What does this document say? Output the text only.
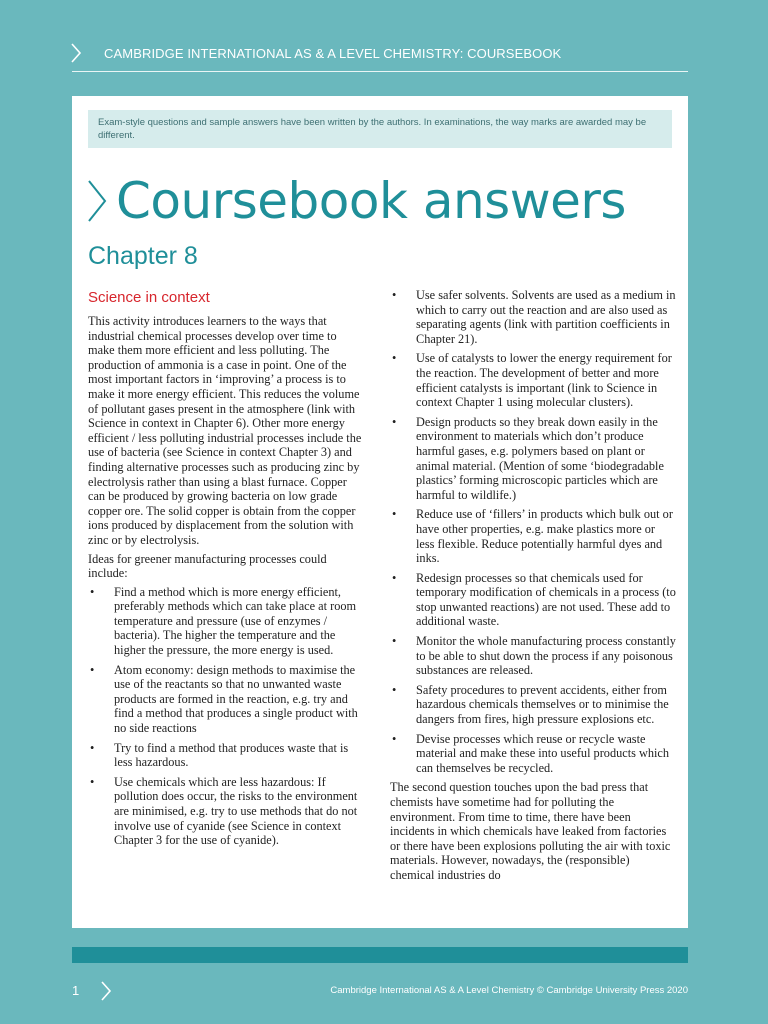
CAMBRIDGE INTERNATIONAL AS & A LEVEL CHEMISTRY: COURSEBOOK
Exam-style questions and sample answers have been written by the authors. In examinations, the way marks are awarded may be different.
Coursebook answers
Chapter 8
Science in context

This activity introduces learners to the ways that industrial chemical processes develop over time to make them more efficient and less polluting. The production of ammonia is a case in point. One of the most important factors in ‘improving’ a process is to make it more energy efficient. This reduces the volume of pollutant gases present in the atmosphere (link with Science in context in Chapter 6). Other more energy efficient / less polluting industrial processes include the use of bacteria (see Science in context Chapter 3) and finding alternative processes such as producing zinc by electrolysis rather than using a blast furnace. Copper can be produced by growing bacteria on low grade copper ore. The solid copper is obtain from the copper ions produced by displacement from the solution with zinc or by electrolysis.

Ideas for greener manufacturing processes could include:

• Find a method which is more energy efficient, preferably methods which can take place at room temperature and pressure (use of enzymes / bacteria). The higher the temperature and the higher the pressure, the more energy is used.
• Atom economy: design methods to maximise the use of the reactants so that no unwanted waste products are formed in the reaction, e.g. try and find a method that produces a single product with no side reactions
• Try to find a method that produces waste that is less hazardous.
• Use chemicals which are less hazardous: If pollution does occur, the risks to the environment are minimised, e.g. try to use methods that do not involve use of cyanide (see Science in context Chapter 3 for the use of cyanide).
• Use safer solvents. Solvents are used as a medium in which to carry out the reaction and are also used as separating agents (link with partition coefficients in Chapter 21).
• Use of catalysts to lower the energy requirement for the reaction. The development of better and more efficient catalysts is important (link to Science in context Chapter 1 using molecular clusters).
• Design products so they break down easily in the environment to materials which don’t produce harmful gases, e.g. polymers based on plant or animal material. (Mention of some ‘biodegradable plastics’ forming microscopic particles which are harmful to wildlife.)
• Reduce use of ‘fillers’ in products which bulk out or have other properties, e.g. make plastics more or less flexible. Reduce potentially harmful dyes and inks.
• Redesign processes so that chemicals used for temporary modification of chemicals in a process (to stop unwanted reactions) are not used. These add to additional waste.
• Monitor the whole manufacturing process constantly to be able to shut down the process if any poisonous substances are released.
• Safety procedures to prevent accidents, either from hazardous chemicals themselves or to minimise the dangers from fires, high pressure explosions etc.
• Devise processes which reuse or recycle waste material and make these into useful products which can themselves be recycled.

The second question touches upon the bad press that chemists have sometime had for polluting the environment. From time to time, there have been incidents in which chemicals have leaked from factories or there have been explosions polluting the air with toxic materials. However, nowadays, the (responsible) chemical industries do

1	Cambridge International AS & A Level Chemistry © Cambridge University Press 2020
